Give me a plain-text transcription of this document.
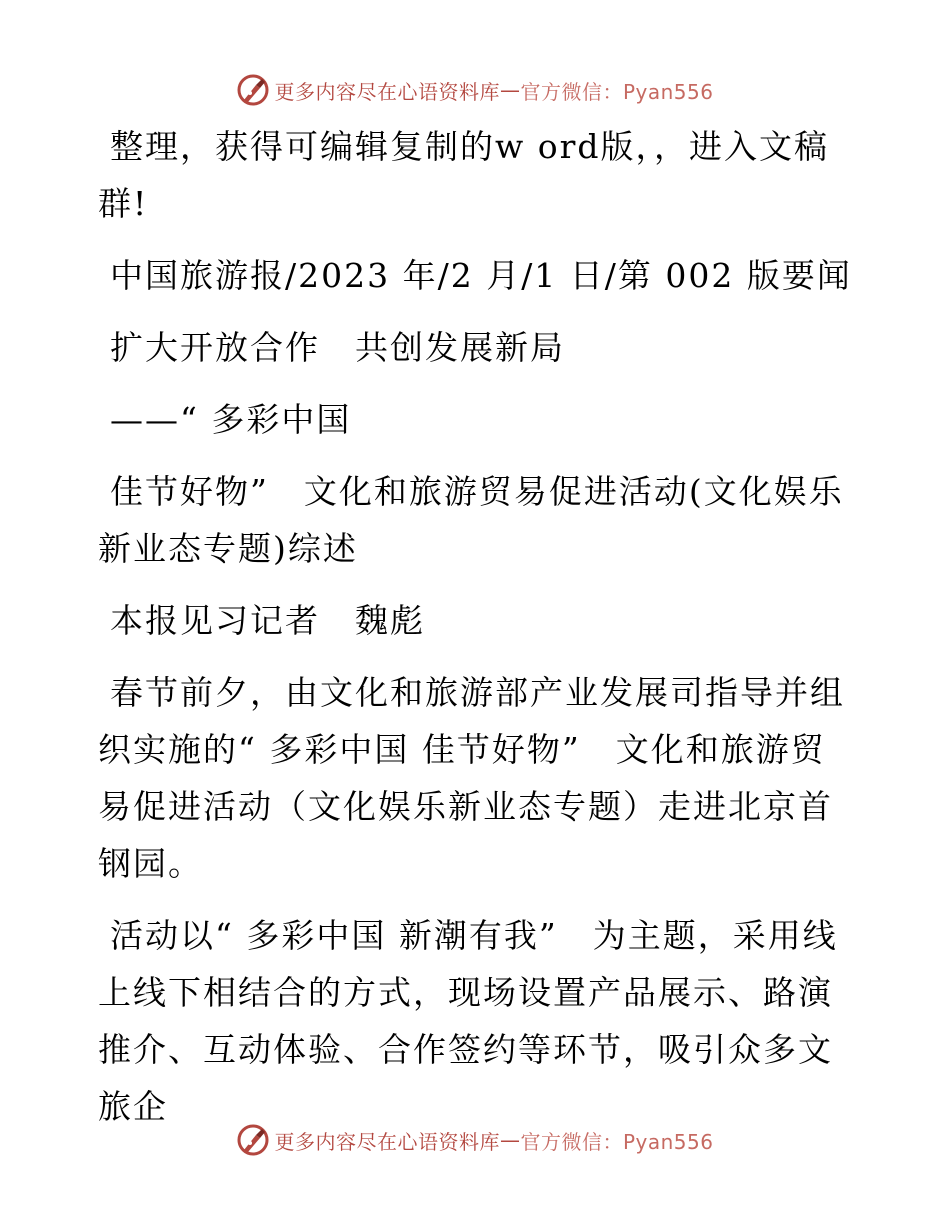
更多内容尽在心语资料库 — 官方微信：Pyan556

整理，获得可编辑复制的w ord版，，进入文稿群!

中国旅游报/2023 年/2 月/1 日/第 002 版要闻

扩大开放合作　共创发展新局

——“ 多彩中国

佳节好物”　文化和旅游贸易促进活动(文化娱乐新业态专题)综述

本报见习记者　魏彪

春节前夕，由文化和旅游部产业发展司指导并组织实施的“ 多彩中国 佳节好物”　文化和旅游贸易促进活动（文化娱乐新业态专题）走进北京首钢园。

活动以“ 多彩中国 新潮有我”　为主题，采用线上线下相结合的方式，现场设置产品展示、路演推介、互动体验、合作签约等环节，吸引众多文旅企

更多内容尽在心语资料库 — 官方微信：Pyan556
